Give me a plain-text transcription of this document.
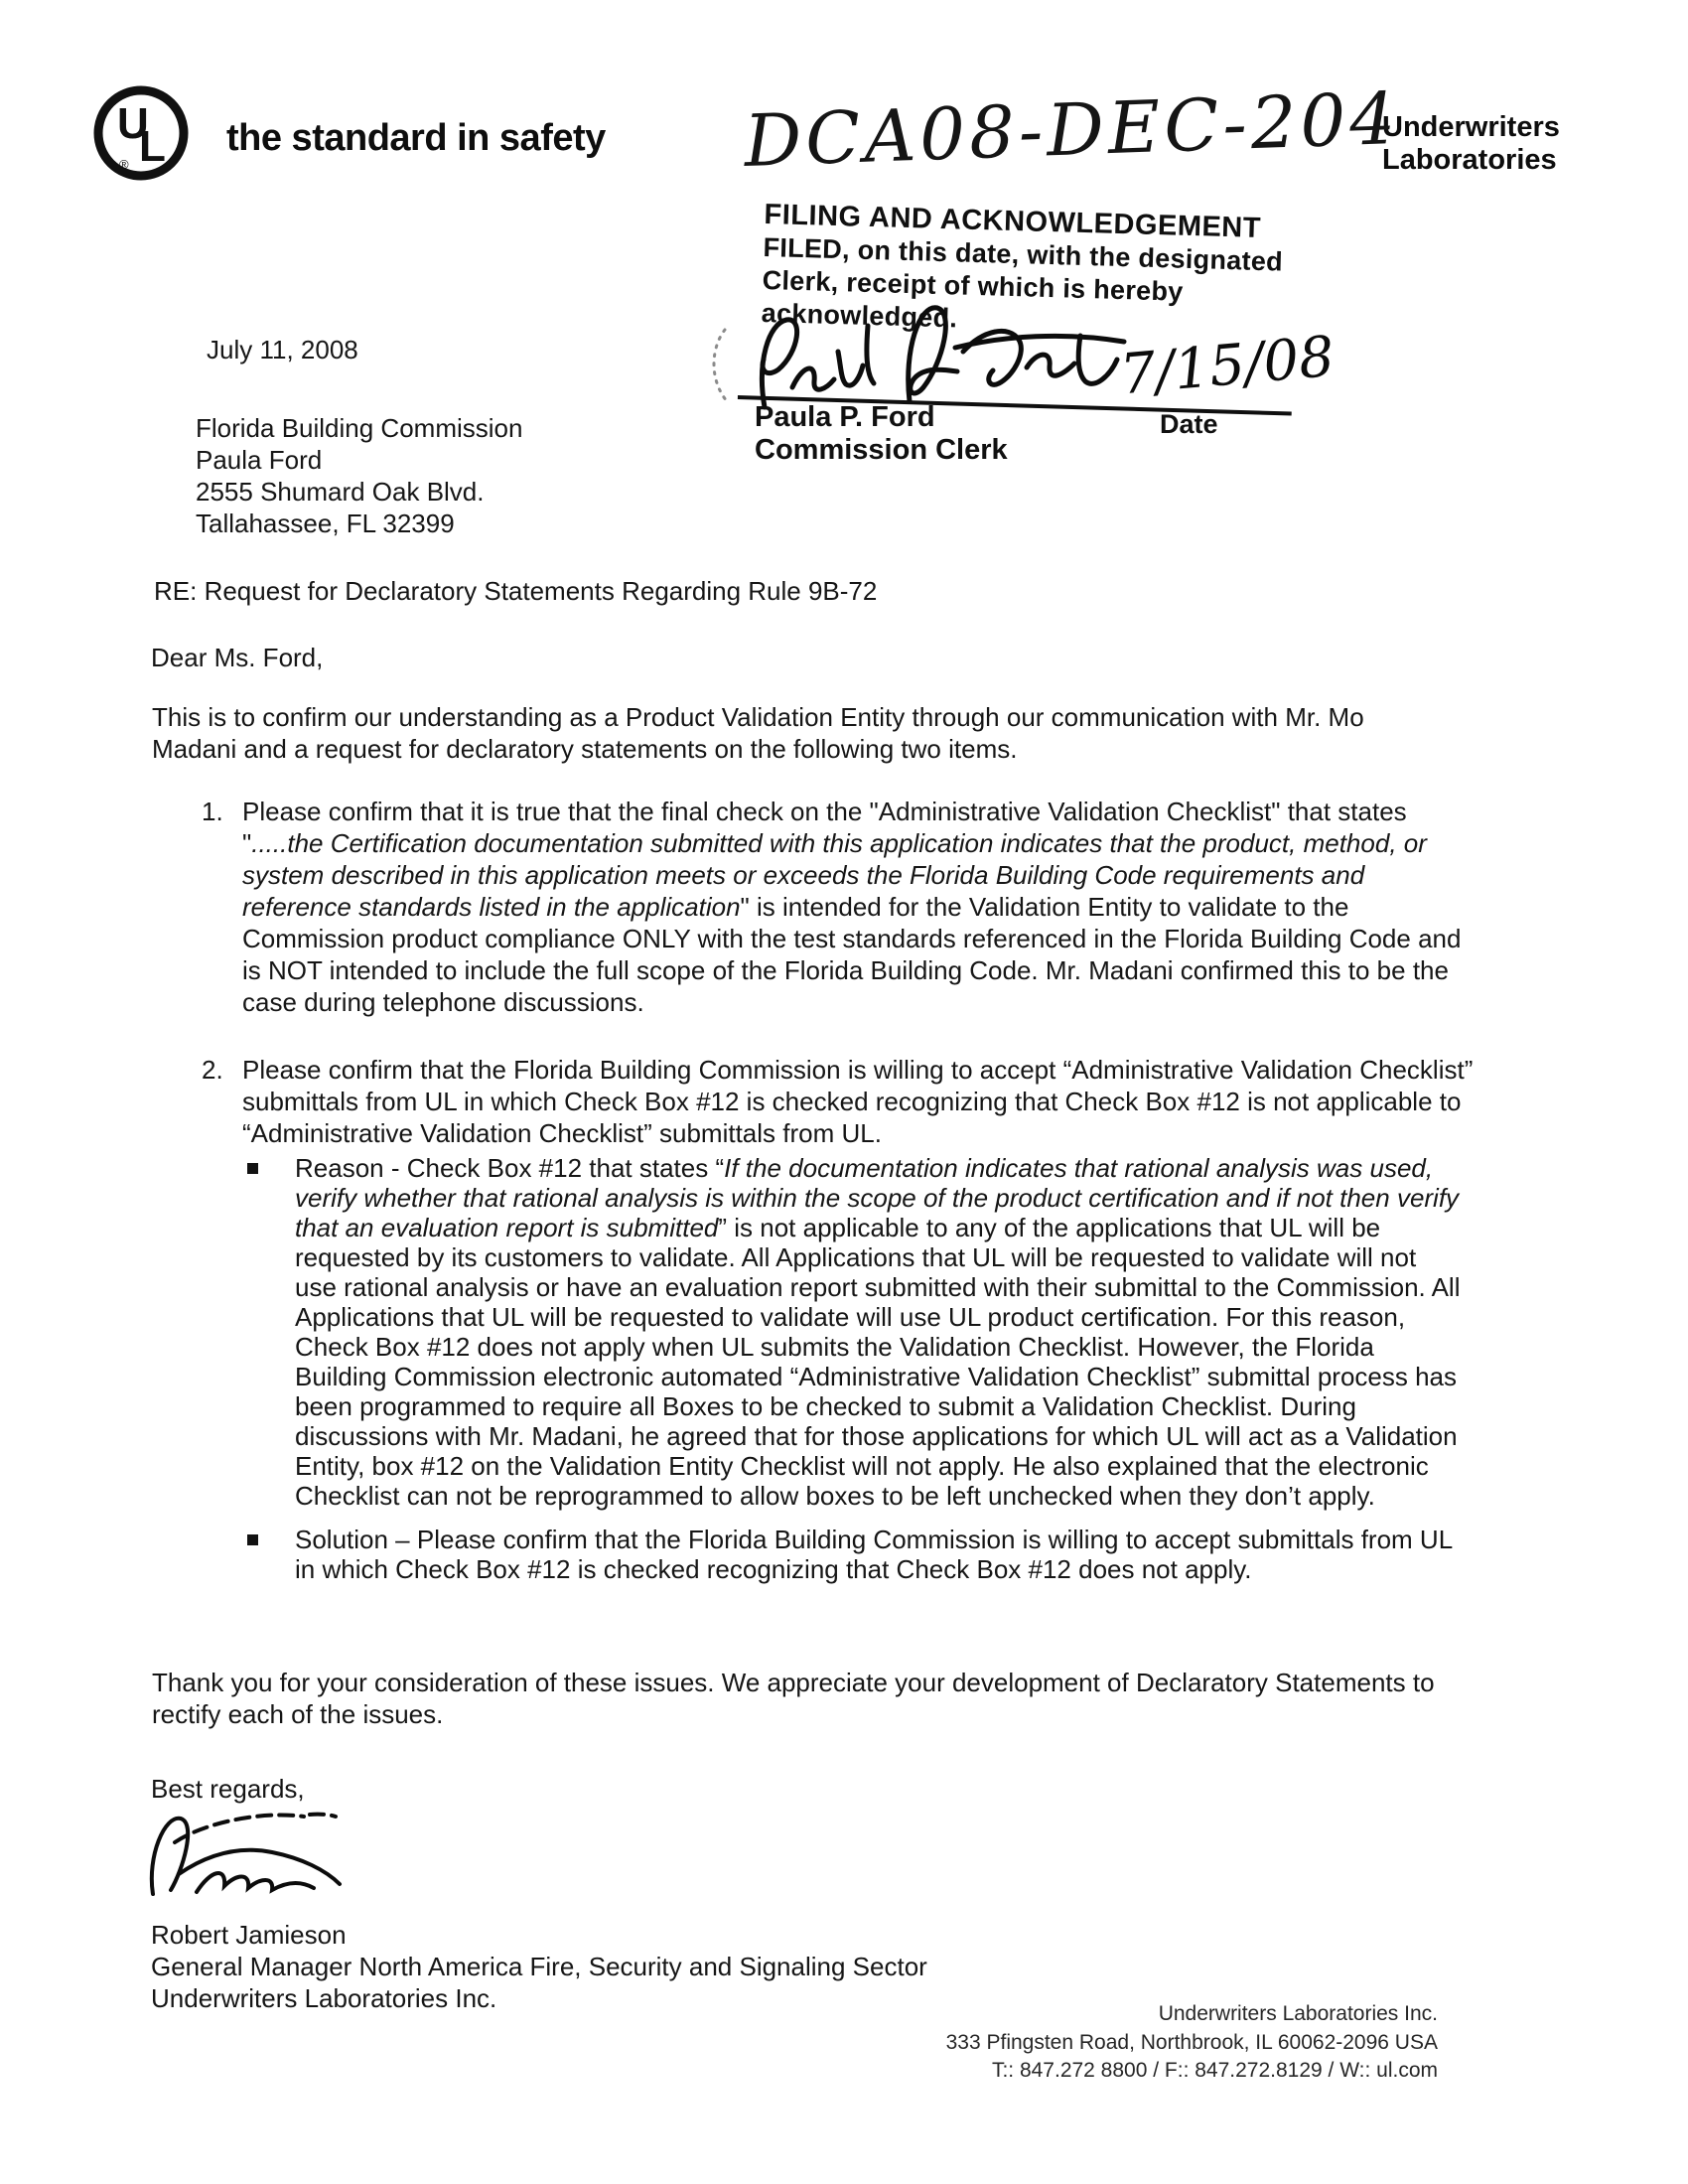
U
L
®
the standard in safety	Underwriters
Laboratories
DCA08-DEC-204
FILING AND ACKNOWLEDGEMENT
FILED, on this date, with the designated
Clerk, receipt of which is hereby
acknowledged.
7/15/08
Paula P. Ford
Commission Clerk
Date
July 11, 2008
Florida Building Commission
Paula Ford
2555 Shumard Oak Blvd.
Tallahassee, FL 32399
RE: Request for Declaratory Statements Regarding Rule 9B-72
Dear Ms. Ford,
This is to confirm our understanding as a Product Validation Entity through our communication with Mr. Mo Madani and a request for declaratory statements on the following two items.
1. Please confirm that it is true that the final check on the "Administrative Validation Checklist" that states ".....the Certification documentation submitted with this application indicates that the product, method, or system described in this application meets or exceeds the Florida Building Code requirements and reference standards listed in the application" is intended for the Validation Entity to validate to the Commission product compliance ONLY with the test standards referenced in the Florida Building Code and is NOT intended to include the full scope of the Florida Building Code. Mr. Madani confirmed this to be the case during telephone discussions.
2. Please confirm that the Florida Building Commission is willing to accept “Administrative Validation Checklist” submittals from UL in which Check Box #12 is checked recognizing that Check Box #12 is not applicable to “Administrative Validation Checklist” submittals from UL.
Reason - Check Box #12 that states “If the documentation indicates that rational analysis was used, verify whether that rational analysis is within the scope of the product certification and if not then verify that an evaluation report is submitted” is not applicable to any of the applications that UL will be requested by its customers to validate. All Applications that UL will be requested to validate will not use rational analysis or have an evaluation report submitted with their submittal to the Commission. All Applications that UL will be requested to validate will use UL product certification. For this reason, Check Box #12 does not apply when UL submits the Validation Checklist. However, the Florida Building Commission electronic automated “Administrative Validation Checklist” submittal process has been programmed to require all Boxes to be checked to submit a Validation Checklist. During discussions with Mr. Madani, he agreed that for those applications for which UL will act as a Validation Entity, box #12 on the Validation Entity Checklist will not apply. He also explained that the electronic Checklist can not be reprogrammed to allow boxes to be left unchecked when they don’t apply.
Solution – Please confirm that the Florida Building Commission is willing to accept submittals from UL in which Check Box #12 is checked recognizing that Check Box #12 does not apply.
Thank you for your consideration of these issues. We appreciate your development of Declaratory Statements to rectify each of the issues.
Best regards,
Robert Jamieson
General Manager North America Fire, Security and Signaling Sector
Underwriters Laboratories Inc.
Underwriters Laboratories Inc.
333 Pfingsten Road, Northbrook, IL 60062-2096 USA
T:: 847.272 8800 / F:: 847.272.8129 / W:: ul.com
